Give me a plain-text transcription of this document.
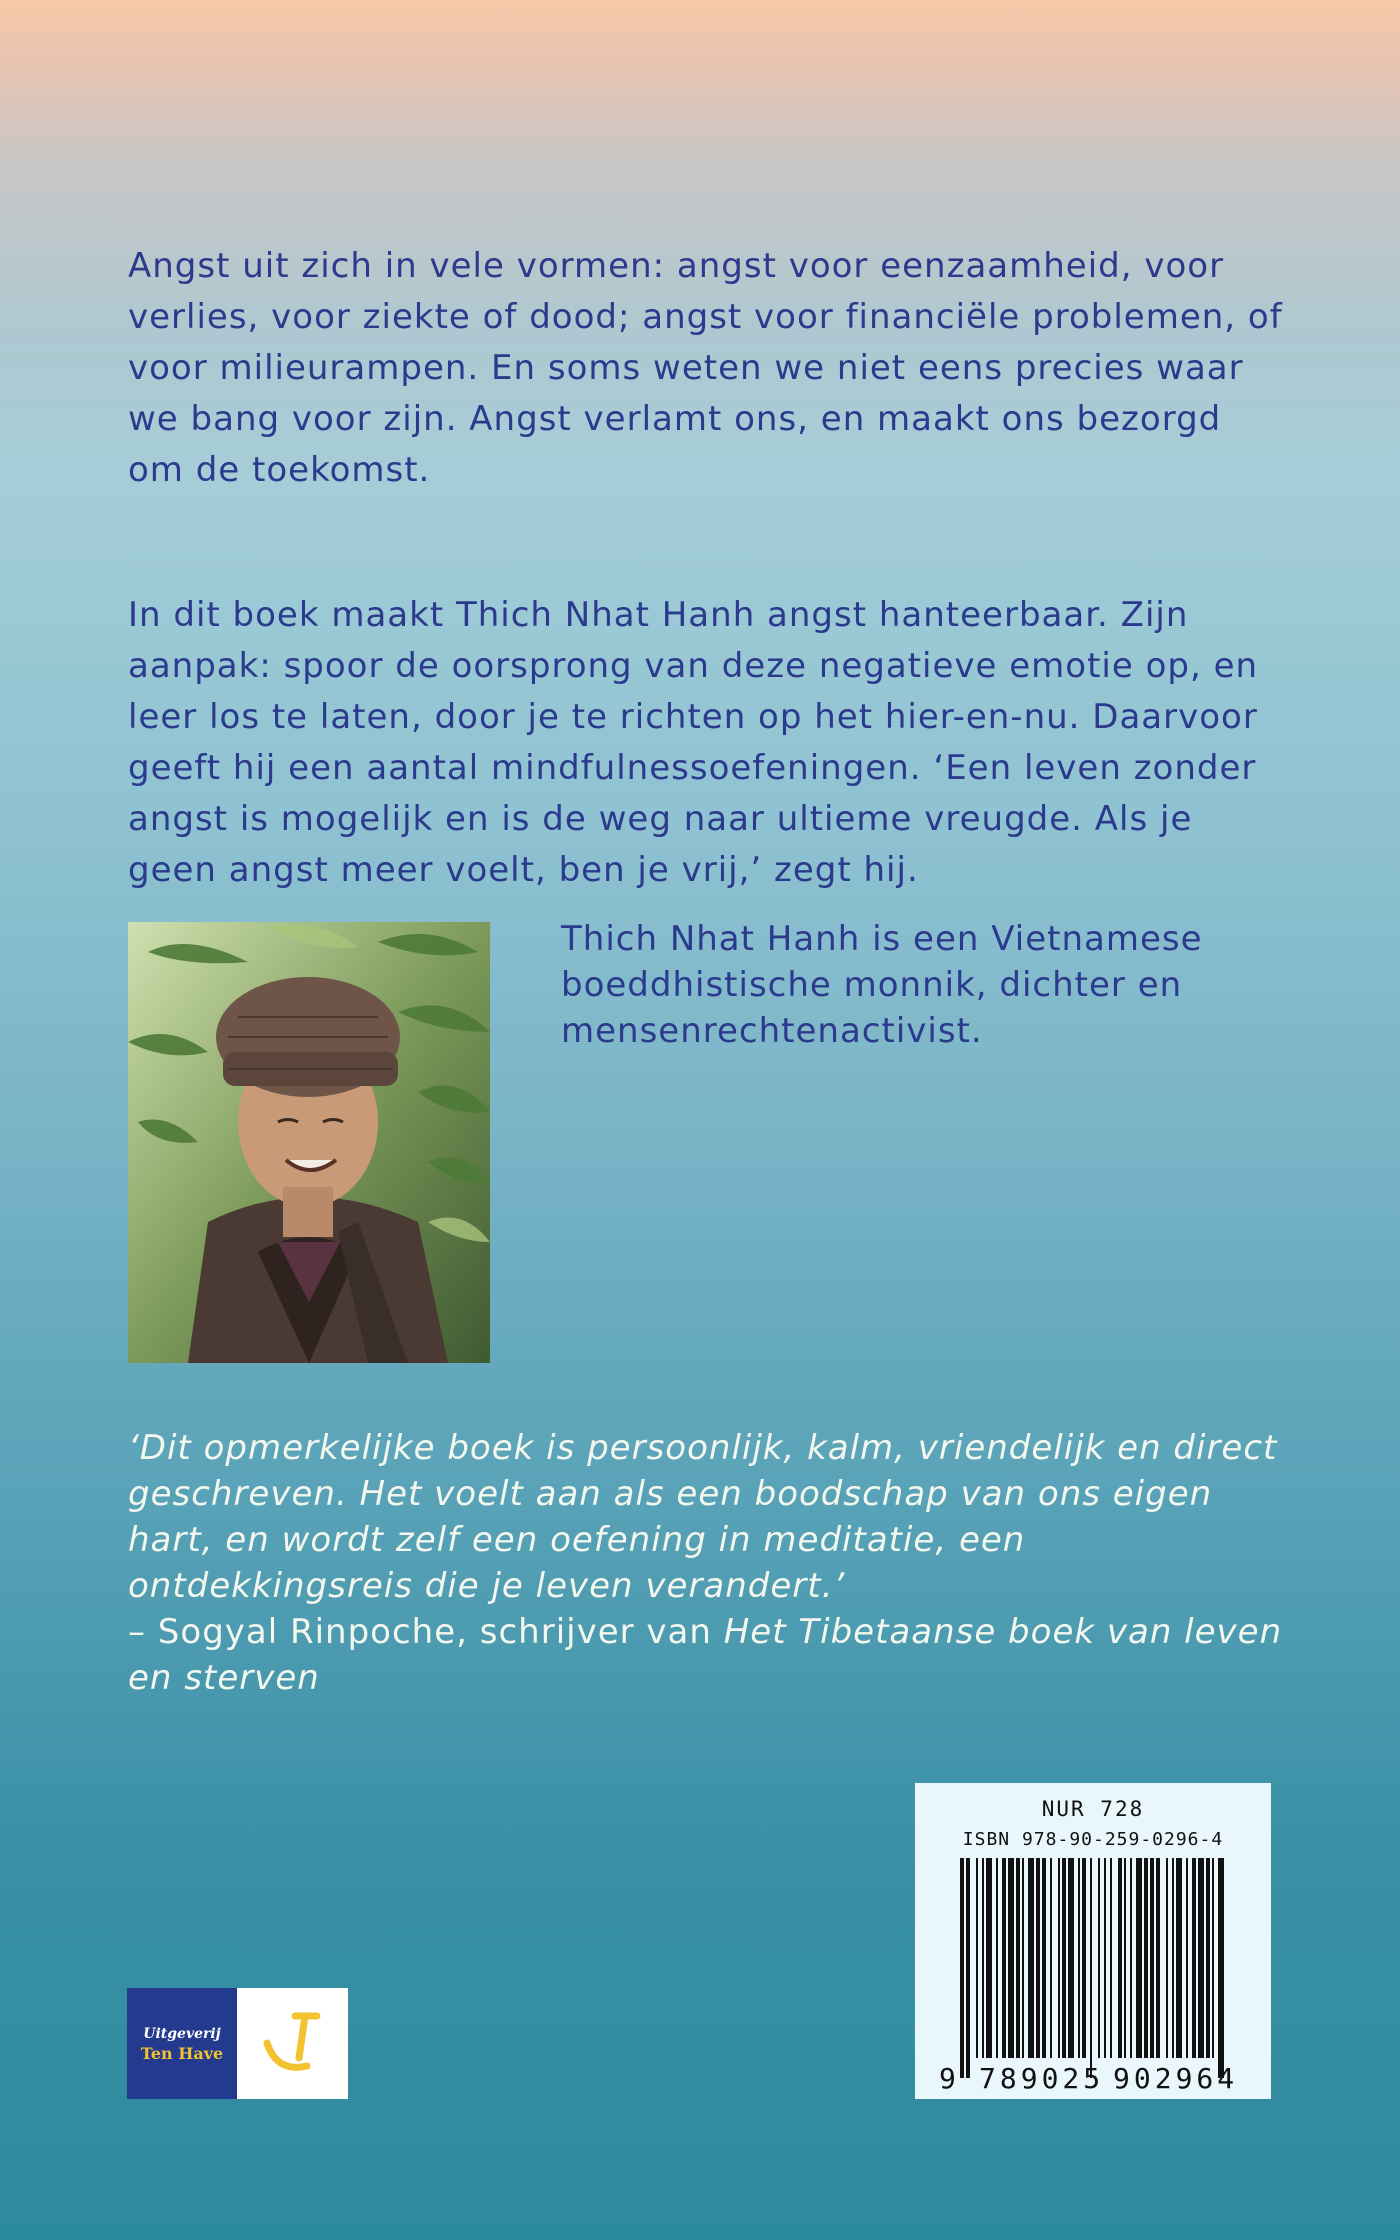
Angst uit zich in vele vormen: angst voor eenzaamheid, voor verlies, voor ziekte of dood; angst voor financiële problemen, of voor milieurampen. En soms weten we niet eens precies waar we bang voor zijn. Angst verlamt ons, en maakt ons bezorgd om de toekomst.

In dit boek maakt Thich Nhat Hanh angst hanteerbaar. Zijn aanpak: spoor de oorsprong van deze negatieve emotie op, en leer los te laten, door je te richten op het hier-en-nu. Daarvoor geeft hij een aantal mindfulnessoefeningen. ‘Een leven zonder angst is mogelijk en is de weg naar ultieme vreugde. Als je geen angst meer voelt, ben je vrij,’ zegt hij.

Thich Nhat Hanh is een Vietnamese boeddhistische monnik, dichter en mensenrechtenactivist.

‘Dit opmerkelijke boek is persoonlijk, kalm, vriendelijk en direct geschreven. Het voelt aan als een boodschap van ons eigen hart, en wordt zelf een oefening in meditatie, een ontdekkingsreis die je leven verandert.’

– Sogyal Rinpoche, schrijver van Het Tibetaanse boek van leven en sterven

Uitgeverij
Ten Have
NUR 728
ISBN 978-90-259-0296-4
9 789025 902964
